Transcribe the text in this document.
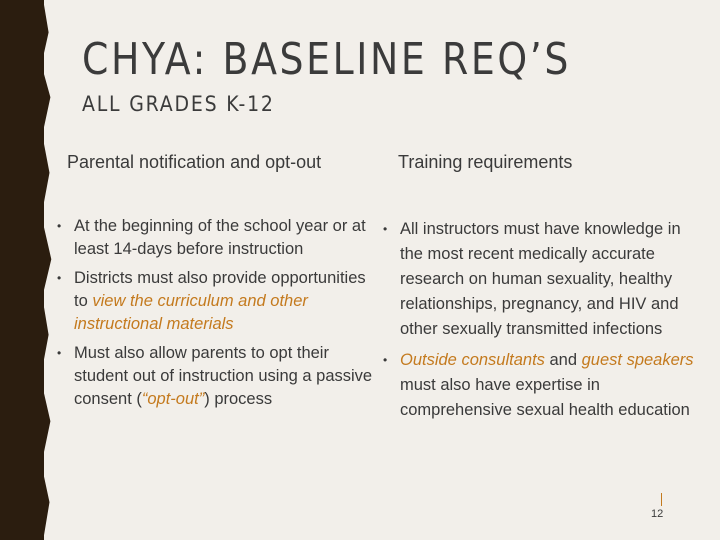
CHYA: BASELINE REQ’S
ALL GRADES K-12
Parental notification and opt-out	Training requirements
• At the beginning of the school year or at least 14-days before instruction
• Districts must also provide opportunities to view the curriculum and other instructional materials
• Must also allow parents to opt their student out of instruction using a passive consent (“opt-out”) process
• All instructors must have knowledge in the most recent medically accurate research on human sexuality, healthy relationships, pregnancy, and HIV and other sexually transmitted infections
• Outside consultants and guest speakers must also have expertise in comprehensive sexual health education
12
